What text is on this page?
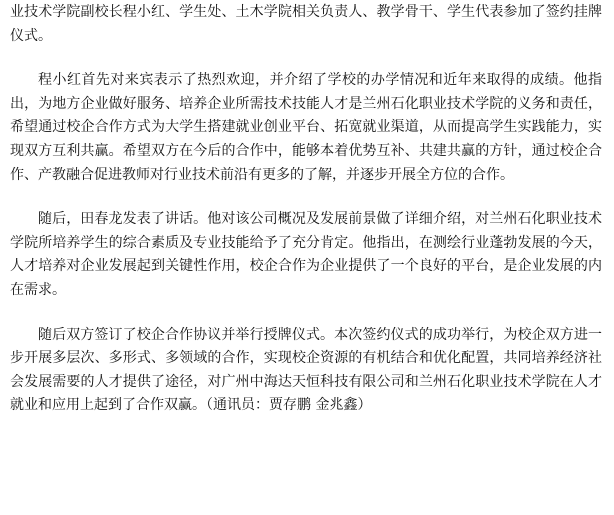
业技术学院副校长程小红、学生处、土木学院相关负责人、教学骨干、学生代表参加了签约挂牌仪式。

程小红首先对来宾表示了热烈欢迎，并介绍了学校的办学情况和近年来取得的成绩。他指出，为地方企业做好服务、培养企业所需技术技能人才是兰州石化职业技术学院的义务和责任，希望通过校企合作方式为大学生搭建就业创业平台、拓宽就业渠道，从而提高学生实践能力，实现双方互利共赢。希望双方在今后的合作中，能够本着优势互补、共建共赢的方针，通过校企合作、产教融合促进教师对行业技术前沿有更多的了解，并逐步开展全方位的合作。

随后，田春龙发表了讲话。他对该公司概况及发展前景做了详细介绍，对兰州石化职业技术学院所培养学生的综合素质及专业技能给予了充分肯定。他指出，在测绘行业蓬勃发展的今天，人才培养对企业发展起到关键性作用，校企合作为企业提供了一个良好的平台，是企业发展的内在需求。

随后双方签订了校企合作协议并举行授牌仪式。本次签约仪式的成功举行，为校企双方进一步开展多层次、多形式、多领域的合作，实现校企资源的有机结合和优化配置，共同培养经济社会发展需要的人才提供了途径，对广州中海达天恒科技有限公司和兰州石化职业技术学院在人才就业和应用上起到了合作双赢。（通讯员：贾存鹏 金兆鑫）
